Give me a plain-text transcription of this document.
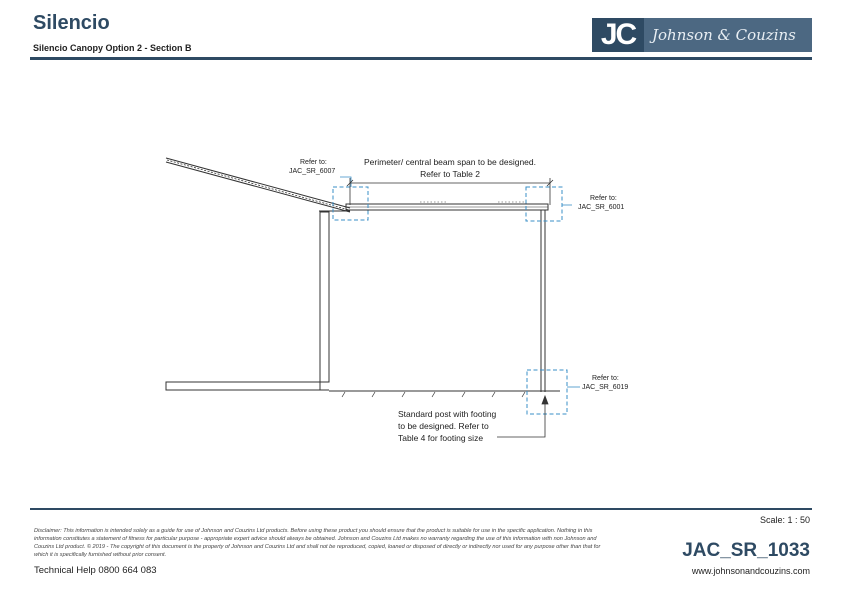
Silencio
Silencio Canopy Option 2 - Section B	JC	Johnson & Couzins
Refer to:
JAC_SR_6007
Refer to:
JAC_SR_6001
Refer to:
JAC_SR_6019
Perimeter/ central beam span to be designed.
Refer to Table 2
Standard post with footing
to be designed. Refer to
Table 4 for footing size
Scale: 1 : 50
Disclaimer: This information is intended solely as a guide for use of Johnson and Couzins Ltd products. Before using these product you should ensure that the product is suitable for use in the specific application. Nothing in this information constitutes a statement of fitness for particular purpose - appropriate expert advice should always be obtained. Johnson and Couzins Ltd makes no warranty regarding the use of this information with non Johnson and Couzins Ltd product. © 2019 - The copyright of this document is the property of Johnson and Couzins Ltd and shall not be reproduced, copied, loaned or disposed of directly or indirectly nor used for any purpose other than that for which it is specifically furnished without prior consent.
Technical Help 0800 664 083
JAC_SR_1033
www.johnsonandcouzins.com
